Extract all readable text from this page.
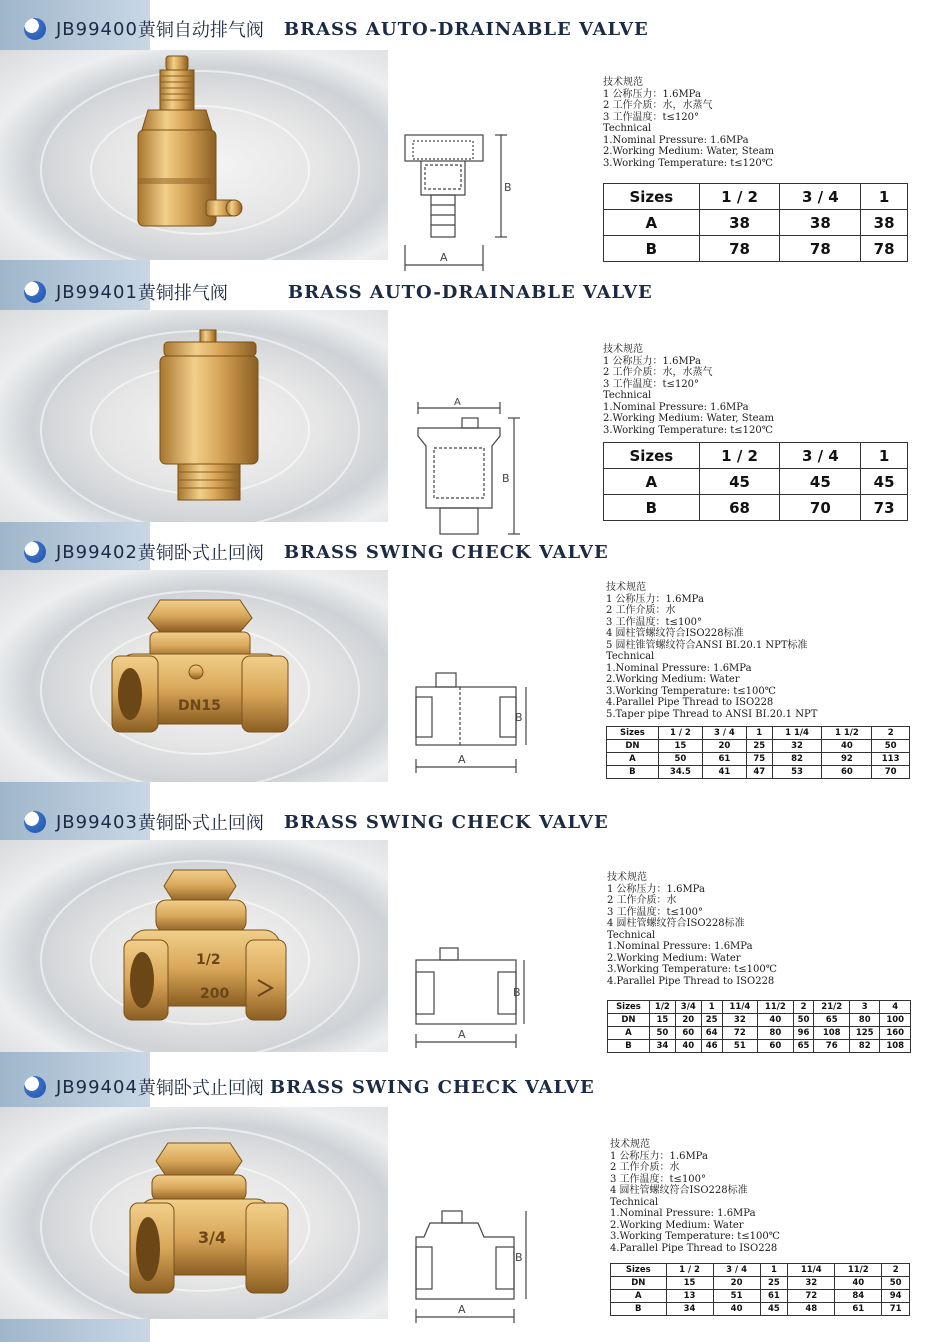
JB99400 黄铜自动排气阀 BRASS AUTO-DRAINABLE VALVE
A
B
技术规范
1 公称压力：1.6MPa
2 工作介质：水，水蒸气
3 工作温度：t≤120°
Technical
1.Nominal Pressure: 1.6MPa
2.Working Medium: Water, Steam
3.Working Temperature: t≤120℃
Sizes	1 / 2	3 / 4	1
A	38	38	38
B	78	78	78
JB99401 黄铜排气阀	BRASS AUTO-DRAINABLE VALVE
A
B
技术规范
1 公称压力：1.6MPa
2 工作介质：水，水蒸气
3 工作温度：t≤120°
Technical
1.Nominal Pressure: 1.6MPa
2.Working Medium: Water, Steam
3.Working Temperature: t≤120℃
Sizes	1 / 2	3 / 4	1
A	45	45	45
B	68	70	73
JB99402 黄铜卧式止回阀 BRASS SWING CHECK VALVE
DN15
A
B
技术规范
1 公称压力：1.6MPa
2 工作介质：水
3 工作温度：t≤100°
4 圆柱管螺纹符合ISO228标准
5 圆柱锥管螺纹符合ANSI BI.20.1 NPT标准
Technical
1.Nominal Pressure: 1.6MPa
2.Working Medium: Water
3.Working Temperature: t≤100℃
4.Parallel Pipe Thread to ISO228
5.Taper pipe Thread to ANSI BI.20.1 NPT
Sizes	1 / 2	3 / 4	1	1 1/4	1 1/2	2
DN	15	20	25	32	40	50
A	50	61	75	82	92	113
B	34.5	41	47	53	60	70
JB99403 黄铜卧式止回阀 BRASS SWING CHECK VALVE
1/2
200
A
B
技术规范
1 公称压力：1.6MPa
2 工作介质：水
3 工作温度：t≤100°
4 圆柱管螺纹符合ISO228标准
Technical
1.Nominal Pressure: 1.6MPa
2.Working Medium: Water
3.Working Temperature: t≤100℃
4.Parallel Pipe Thread to ISO228
Sizes	1/2	3/4	1	11/4	11/2	2	21/2	3	4
DN	15	20	25	32	40	50	65	80	100
A	50	60	64	72	80	96	108	125	160
B	34	40	46	51	60	65	76	82	108
JB99404 黄铜卧式止回阀 BRASS SWING CHECK VALVE
3/4
A
B
技术规范
1 公称压力：1.6MPa
2 工作介质：水
3 工作温度：t≤100°
4 圆柱管螺纹符合ISO228标准
Technical
1.Nominal Pressure: 1.6MPa
2.Working Medium: Water
3.Working Temperature: t≤100℃
4.Parallel Pipe Thread to ISO228
Sizes	1 / 2	3 / 4	1	11/4	11/2	2
DN	15	20	25	32	40	50
A	13	51	61	72	84	94
B	34	40	45	48	61	71
